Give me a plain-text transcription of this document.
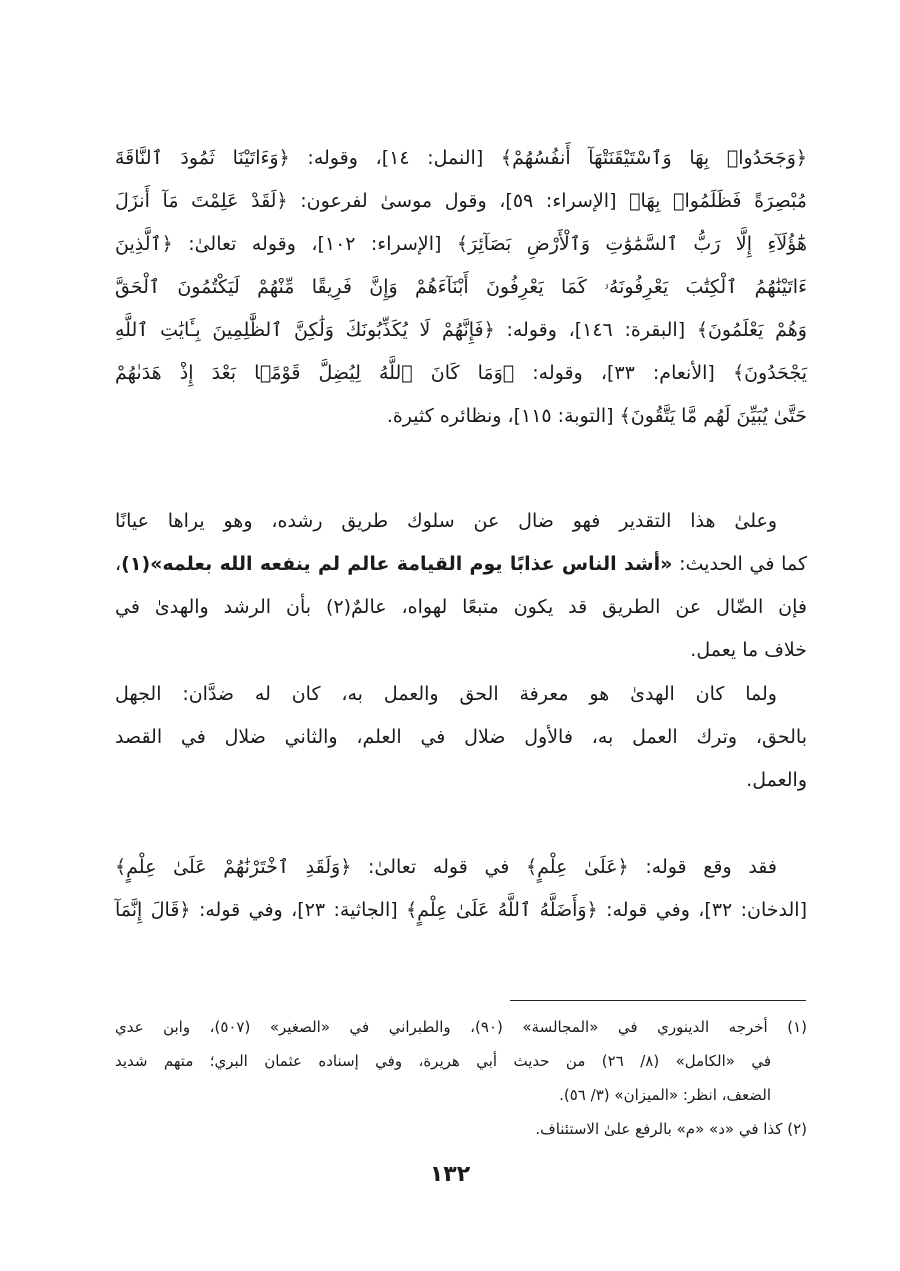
﴿وَجَحَدُوا۟ بِهَا وَٱسْتَيْقَنَتْهَآ أَنفُسُهُمْ﴾ [النمل: ١٤]، وقوله: ﴿وَءَاتَيْنَا ثَمُودَ ٱلنَّاقَةَ
مُبْصِرَةً فَظَلَمُوا۟ بِهَا﴾ [الإسراء: ٥٩]، وقول موسىٰ لفرعون: ﴿لَقَدْ عَلِمْتَ مَآ أَنزَلَ
هَٰٓؤُلَآءِ إِلَّا رَبُّ ٱلسَّمَٰوَٰتِ وَٱلْأَرْضِ بَصَآئِرَ﴾ [الإسراء: ١٠٢]، وقوله تعالىٰ: ﴿ٱلَّذِينَ
ءَاتَيْنَٰهُمُ ٱلْكِتَٰبَ يَعْرِفُونَهُۥ كَمَا يَعْرِفُونَ أَبْنَآءَهُمْ وَإِنَّ فَرِيقًا مِّنْهُمْ لَيَكْتُمُونَ ٱلْحَقَّ
وَهُمْ يَعْلَمُونَ﴾ [البقرة: ١٤٦]، وقوله: ﴿فَإِنَّهُمْ لَا يُكَذِّبُونَكَ وَلَٰكِنَّ ٱلظَّٰلِمِينَ بِـَٔايَٰتِ ٱللَّهِ
يَجْحَدُونَ﴾ [الأنعام: ٣٣]، وقوله: ﴿وَمَا كَانَ ٱللَّهُ لِيُضِلَّ قَوْمًۢا بَعْدَ إِذْ هَدَىٰهُمْ
حَتَّىٰ يُبَيِّنَ لَهُم مَّا يَتَّقُونَ﴾ [التوبة: ١١٥]، ونظائره كثيرة.
وعلىٰ هذا التقدير فهو ضال عن سلوك طريق رشده، وهو يراها عيانًا
كما في الحديث: «أشد الناس عذابًا يوم القيامة عالم لم ينفعه الله بعلمه»(١)،
فإن الضّال عن الطريق قد يكون متبعًا لهواه، عالمٌ(٢) بأن الرشد والهدىٰ في
خلاف ما يعمل.
ولما كان الهدىٰ هو معرفة الحق والعمل به، كان له ضدَّان: الجهل
بالحق، وترك العمل به، فالأول ضلال في العلم، والثاني ضلال في القصد
والعمل.
فقد وقع قوله: ﴿عَلَىٰ عِلْمٍ﴾ في قوله تعالىٰ: ﴿وَلَقَدِ ٱخْتَرْنَٰهُمْ عَلَىٰ عِلْمٍ﴾
[الدخان: ٣٢]، وفي قوله: ﴿وَأَضَلَّهُ ٱللَّهُ عَلَىٰ عِلْمٍ﴾ [الجاثية: ٢٣]، وفي قوله: ﴿قَالَ إِنَّمَآ
(١) أخرجه الدينوري في «المجالسة» (٩٠)، والطبراني في «الصغير» (٥٠٧)، وابن عدي
في «الكامل» (٨/ ٢٦) من حديث أبي هريرة، وفي إسناده عثمان البري؛ متهم شديد
الضعف، انظر: «الميزان» (٣/ ٥٦).
(٢) كذا في «د» «م» بالرفع علىٰ الاستئناف.
١٣٢
